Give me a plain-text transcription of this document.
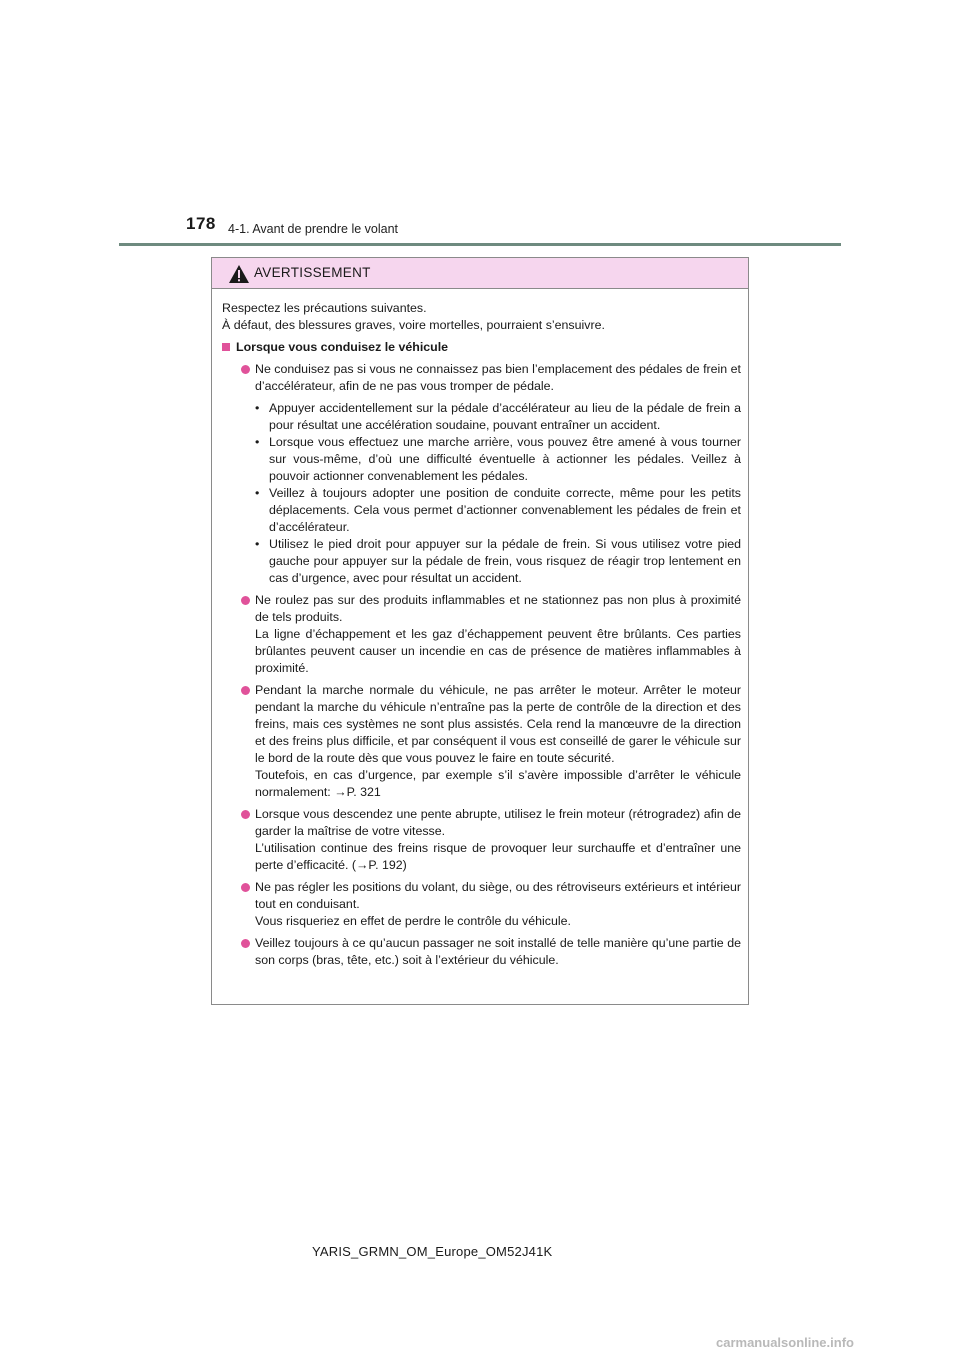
178 4-1. Avant de prendre le volant
AVERTISSEMENT

Respectez les précautions suivantes.

À défaut, des blessures graves, voire mortelles, pourraient s’ensuivre.

Lorsque vous conduisez le véhicule

Ne conduisez pas si vous ne connaissez pas bien l’emplacement des pédales de frein et d’accélérateur, afin de ne pas vous tromper de pédale.

• Appuyer accidentellement sur la pédale d’accélérateur au lieu de la pédale de frein a pour résultat une accélération soudaine, pouvant entraîner un accident.
• Lorsque vous effectuez une marche arrière, vous pouvez être amené à vous tourner sur vous-même, d’où une difficulté éventuelle à actionner les pédales. Veillez à pouvoir actionner convenablement les pédales.
• Veillez à toujours adopter une position de conduite correcte, même pour les petits déplacements. Cela vous permet d’actionner convenablement les pédales de frein et d’accélérateur.
• Utilisez le pied droit pour appuyer sur la pédale de frein. Si vous utilisez votre pied gauche pour appuyer sur la pédale de frein, vous risquez de réagir trop lentement en cas d’urgence, avec pour résultat un accident.

Ne roulez pas sur des produits inflammables et ne stationnez pas non plus à proximité de tels produits.

La ligne d’échappement et les gaz d’échappement peuvent être brûlants. Ces parties brûlantes peuvent causer un incendie en cas de présence de matières inflammables à proximité.

Pendant la marche normale du véhicule, ne pas arrêter le moteur. Arrêter le moteur pendant la marche du véhicule n’entraîne pas la perte de contrôle de la direction et des freins, mais ces systèmes ne sont plus assistés. Cela rend la manœuvre de la direction et des freins plus difficile, et par conséquent il vous est conseillé de garer le véhicule sur le bord de la route dès que vous pouvez le faire en toute sécurité.

Toutefois, en cas d’urgence, par exemple s’il s’avère impossible d’arrêter le véhicule normalement: →P. 321

Lorsque vous descendez une pente abrupte, utilisez le frein moteur (rétrogradez) afin de garder la maîtrise de votre vitesse.

L’utilisation continue des freins risque de provoquer leur surchauffe et d’entraîner une perte d’efficacité. (→P. 192)

Ne pas régler les positions du volant, du siège, ou des rétroviseurs extérieurs et intérieur tout en conduisant.

Vous risqueriez en effet de perdre le contrôle du véhicule.

Veillez toujours à ce qu’aucun passager ne soit installé de telle manière qu’une partie de son corps (bras, tête, etc.) soit à l’extérieur du véhicule.

YARIS_GRMN_OM_Europe_OM52J41K
carmanualsonline.info
